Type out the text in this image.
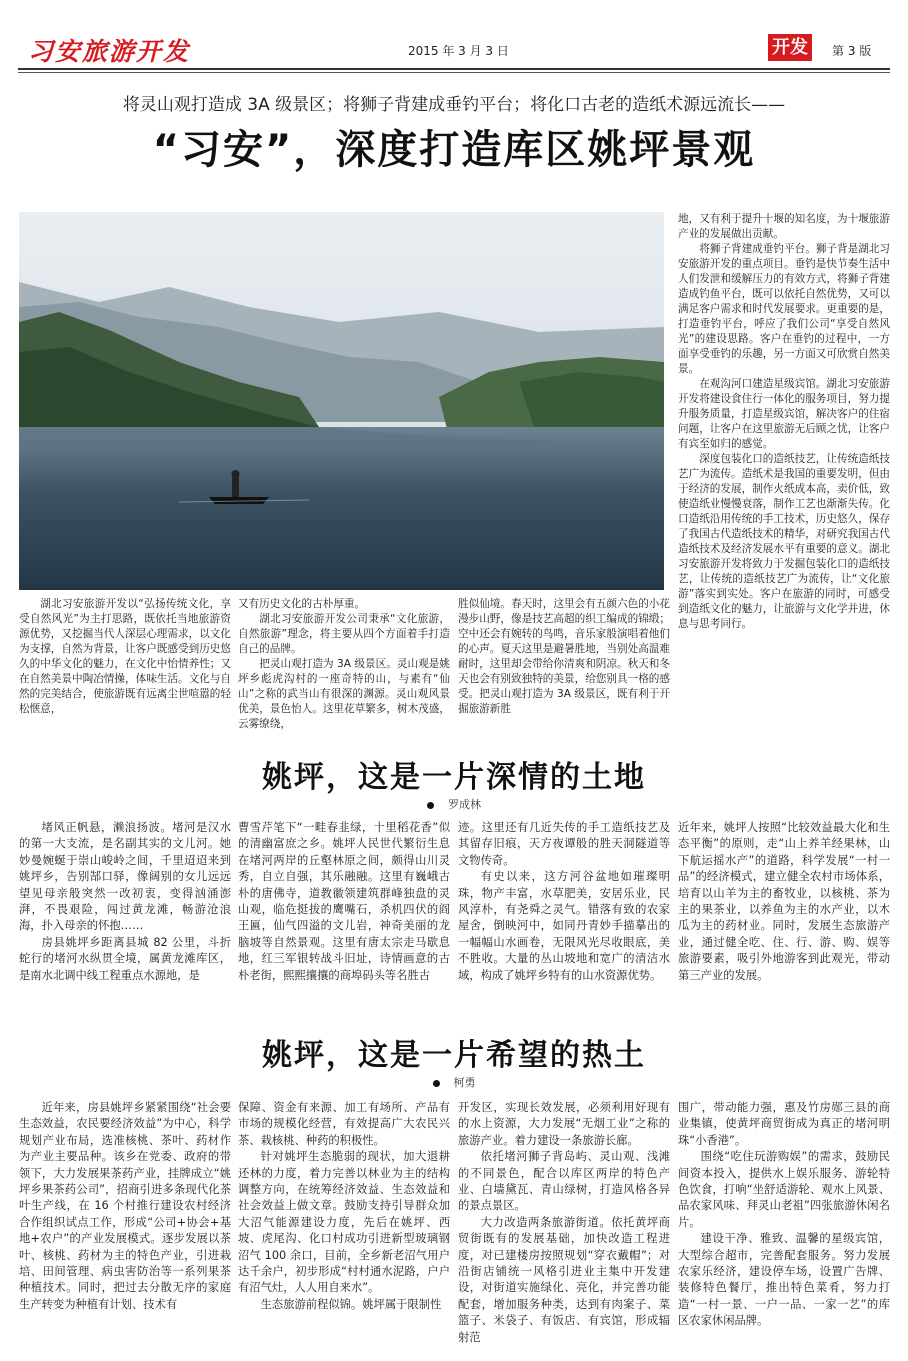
习安旅游开发	2015 年 3 月 3 日	开发	第 3 版
将灵山观打造成 3A 级景区；将狮子背建成垂钓平台；将化口古老的造纸术源远流长——
“习安”，深度打造库区姚坪景观

湖北习安旅游开发以“弘扬传统文化，享受自然风光”为主打思路，既依托当地旅游资源优势，又挖掘当代人深层心理需求，以文化为支撑，自然为背景，让客户既感受到历史悠久的中华文化的魅力，在文化中怡情养性；又在自然美景中陶冶情操，体味生活。文化与自然的完美结合，使旅游既有远离尘世喧嚣的轻松惬意，

又有历史文化的古朴厚重。

湖北习安旅游开发公司秉承“文化旅游，自然旅游”理念，将主要从四个方面着手打造自己的品牌。

把灵山观打造为 3A 级景区。灵山观是姚坪乡彪虎沟村的一座奇特的山，与素有“仙山”之称的武当山有很深的渊源。灵山观风景优美，景色怡人。这里花草繁多，树木茂盛，云雾缭绕，

胜似仙境。春天时，这里会有五颜六色的小花漫步山野，像是技艺高超的织工编成的锦缎；空中还会有婉转的鸟鸣，音乐家般演唱着他们的心声。夏天这里是避暑胜地，当别处高温难耐时，这里却会带给你清爽和阴凉。秋天和冬天也会有别致独特的美景，给您别具一格的感受。把灵山观打造为 3A 级景区，既有利于开掘旅游新胜

地，又有利于提升十堰的知名度，为十堰旅游产业的发展做出贡献。

将狮子背建成垂钓平台。狮子背是湖北习安旅游开发的重点项目。垂钓是快节奏生活中人们发泄和缓解压力的有效方式，将狮子背建造成钓鱼平台，既可以依托自然优势，又可以满足客户需求和时代发展要求。更重要的是，打造垂钓平台，呼应了我们公司“享受自然风光”的建设思路。客户在垂钓的过程中，一方面享受垂钓的乐趣，另一方面又可欣赏自然美景。

在观沟河口建造星级宾馆。湖北习安旅游开发将建设食住行一体化的服务项目，努力提升服务质量，打造星级宾馆，解决客户的住宿问题，让客户在这里旅游无后顾之忧，让客户有宾至如归的感觉。

深度包装化口的造纸技艺，让传统造纸技艺广为流传。造纸术是我国的重要发明，但由于经济的发展，制作火纸成本高，卖价低，致使造纸业慢慢衰落，制作工艺也渐渐失传。化口造纸沿用传统的手工技术，历史悠久，保存了我国古代造纸技术的精华，对研究我国古代造纸技术及经济发展水平有重要的意义。湖北习安旅游开发将致力于发掘包装化口的造纸技艺，让传统的造纸技艺广为流传，让“文化旅游”落实到实处。客户在旅游的同时，可感受到造纸文化的魅力，让旅游与文化学并进，休息与思考同行。

姚坪，这是一片深情的土地
罗成林

堵风正帆悬，濑浪扬波。堵河是汉水的第一大支流，是名副其实的文儿河。她妙曼婉蜒于崇山峻岭之间，千里迢迢来到姚坪乡，告别郜口驿，像阔别的女儿远远望见母亲般突然一改初衷，变得汹涌澎湃，不畏艰险，闯过黄龙滩，畅游沧浪海，扑入母亲的怀抱……

房县姚坪乡距离县城 82 公里，斗折蛇行的堵河水纵贯全境，属黄龙滩库区，是南水北调中线工程重点水源地，是

曹雪芹笔下“一畦春韭绿，十里稻花香”似的清幽富庶之乡。姚坪人民世代繁衍生息在堵河两岸的丘壑林原之间，颇得山川灵秀，自立自强，其乐融融。这里有巍峨古朴的唐佛寺，道教徽领建筑群峰独盘的灵山观，临危挺拔的鹰嘴石，杀机四伏的阎王匾，仙气四溢的文儿岩，神奇美丽的龙脑坡等自然景观。这里有唐太宗走马歇息地，红三军银转战斗旧址，诗情画意的古朴老街，熙熙攘攘的商埠码头等名胜古

迹。这里还有几近失传的手工造纸技艺及其留存旧痕，天方夜谭般的胜天洞隧道等文物传奇。

有史以来，这方河谷盆地如璀璨明珠，物产丰富，水草肥美，安居乐业，民风淳朴，有尧舜之灵气。错落有致的农家屋舍，倒映河中，如同丹青妙手描摹出的一幅幅山水画卷，无限风光尽收眼底，美不胜收。大量的丛山坡地和宽广的清洁水域，构成了姚坪乡特有的山水资源优势。

近年来，姚坪人按照“比较效益最大化和生态平衡”的原则，走“山上养羊经果林，山下航运摇水产”的道路，科学发展“一村一品”的经济模式，建立健全农村市场体系，培育以山羊为主的畜牧业，以核桃、茶为主的果茶业，以养鱼为主的水产业，以木瓜为主的药材业。同时，发展生态旅游产业，通过健全吃、住、行、游、购、娱等旅游要素，吸引外地游客到此观光，带动第三产业的发展。

姚坪，这是一片希望的热土
柯勇

近年来，房县姚坪乡紧紧围绕“社会要生态效益，农民要经济效益”为中心，科学规划产业布局，选准核桃、茶叶、药材作为产业主要品种。该乡在党委、政府的带领下，大力发展果茶药产业，挂牌成立“姚坪乡果茶药公司”，招商引进多条现代化茶叶生产线，在 16 个村推行建设农村经济合作组织试点工作，形成“公司+协会+基地+农户”的产业发展模式。逐步发展以茶叶、核桃、药材为主的特色产业，引进栽培、田间管理、病虫害防治等一系列果茶种植技术。同时，把过去分散无序的家庭生产转变为种植有计划、技术有

保障、资金有来源、加工有场所、产品有市场的规模化经营，有效提高广大农民兴茶、栽核桃、种药的积极性。

针对姚坪生态脆弱的现状，加大退耕还林的力度，着力完善以林业为主的结构调整方向，在统筹经济效益、生态效益和社会效益上做文章。鼓励支持引导群众加大沼气能源建设力度，先后在姚坪、西坡、虎尾沟、化口村成功引进新型玻璃钢沼气 100 余口，目前，全乡新老沼气用户达千余户，初步形成“村村通水泥路，户户有沼气灶，人人用自来水”。

生态旅游前程似锦。姚坪属于限制性

开发区，实现长效发展，必须利用好现有的水上资源，大力发展“无烟工业”之称的旅游产业。着力建设一条旅游长廊。

依托堵河狮子背岛屿、灵山观、浅滩的不同景色，配合以库区两岸的特色产业、白墙黛瓦、青山绿树，打造风格各异的景点景区。

大力改造两条旅游街道。依托黄坪商贸街既有的发展基础，加快改造工程进度，对已建楼房按照规划“穿衣戴帽”；对沿街店铺统一风格引进业主集中开发建设，对街道实施绿化、亮化，并完善功能配套，增加服务种类，达到有肉案子、菜篮子、米袋子、有饭店、有宾馆，形成辐射范

围广，带动能力强，惠及竹房郧三县的商业集镇，使黄坪商贸街成为真正的堵河明珠“小香港”。

围绕“吃住玩游购娱”的需求，鼓励民间资本投入，提供水上娱乐服务、游轮特色饮食，打响“坐舒适游轮、观水上风景、品农家风味、拜灵山老祖”四张旅游休闲名片。

建设干净、雅致、温馨的星级宾馆，大型综合超市，完善配套服务。努力发展农家乐经济，建设停车场，设置广告牌、装修特色餐厅，推出特色菜肴，努力打造“一村一景、一户一品、一家一艺”的库区农家休闲品牌。
